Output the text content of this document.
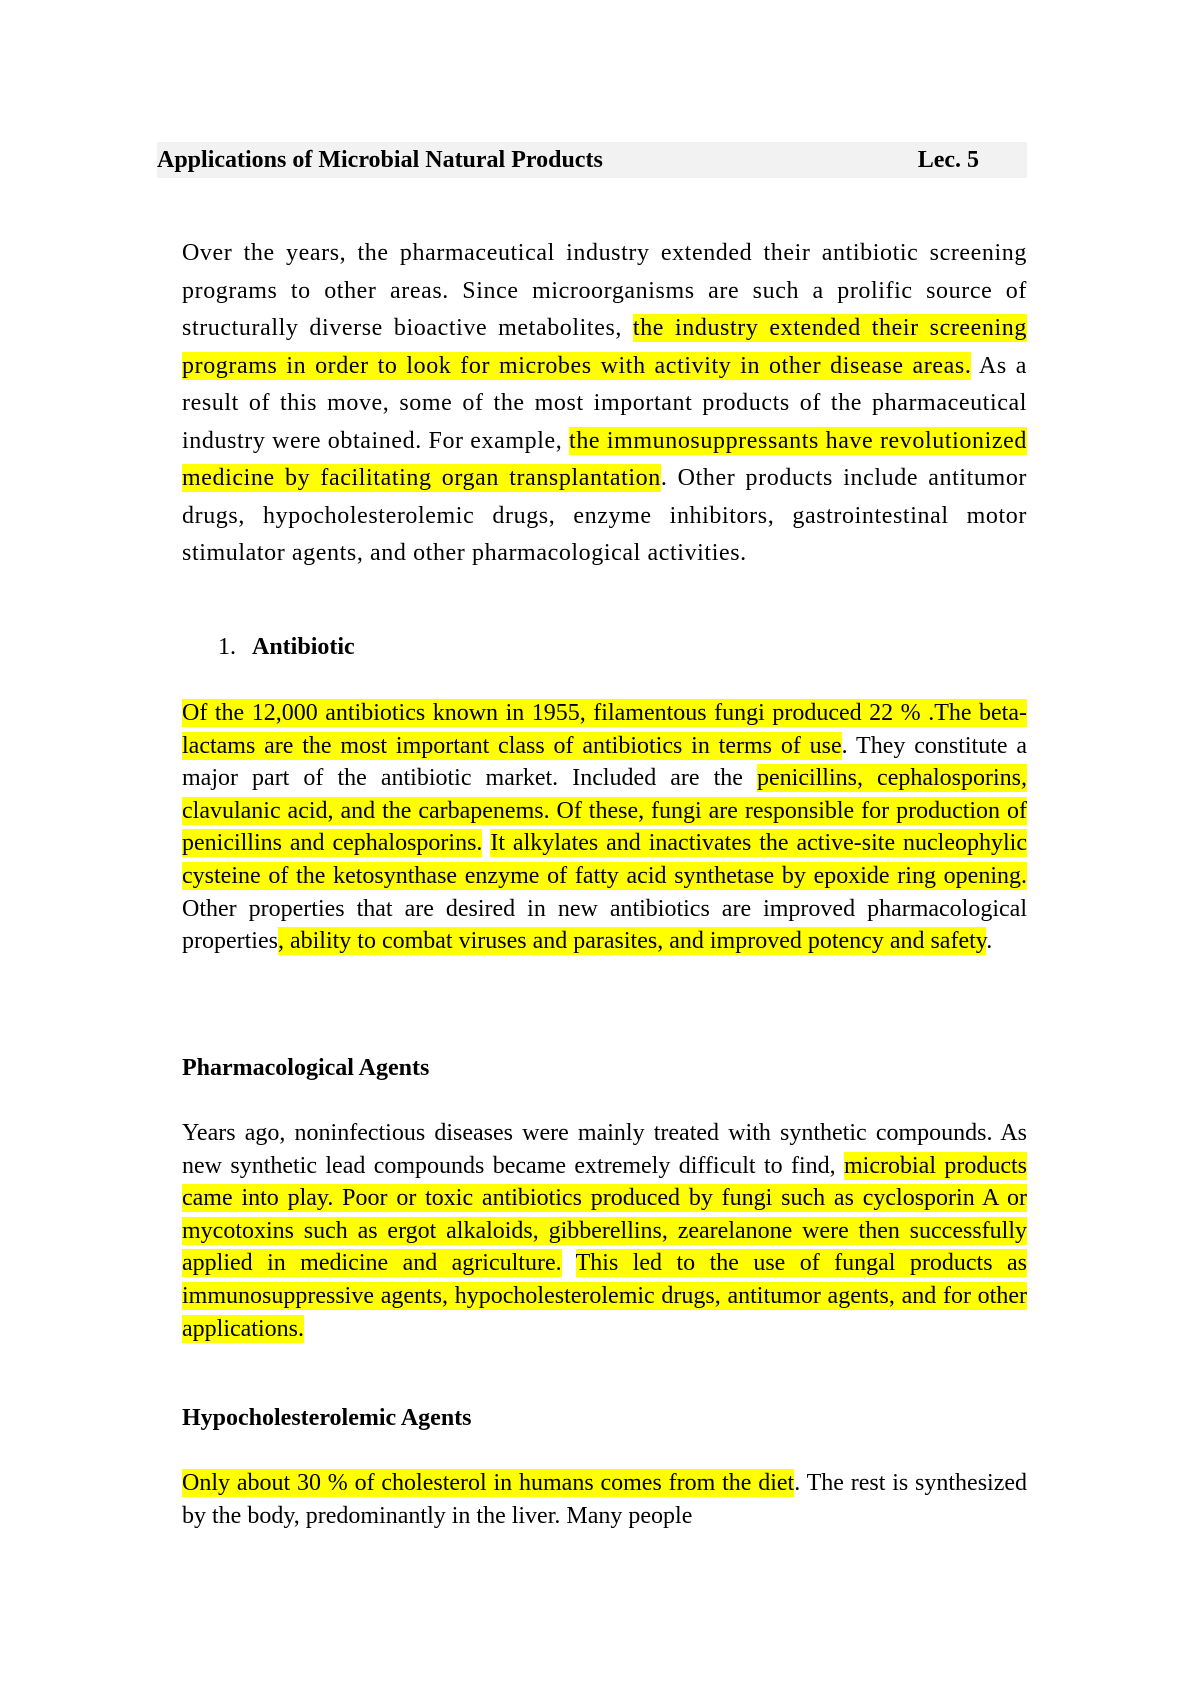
Applications of Microbial Natural Products	Lec. 5

Over the years, the pharmaceutical industry extended their antibiotic screening programs to other areas. Since microorganisms are such a prolific source of structurally diverse bioactive metabolites, the industry extended their screening programs in order to look for microbes with activity in other disease areas. As a result of this move, some of the most important products of the pharmaceutical industry were obtained. For example, the immunosuppressants have revolutionized medicine by facilitating organ transplantation. Other products include antitumor drugs, hypocholesterolemic drugs, enzyme inhibitors, gastrointestinal motor stimulator agents, and other pharmacological activities.

1. Antibiotic

Of the 12,000 antibiotics known in 1955, filamentous fungi produced 22 % .The beta-lactams are the most important class of antibiotics in terms of use. They constitute a major part of the antibiotic market. Included are the penicillins, cephalosporins, clavulanic acid, and the carbapenems. Of these, fungi are responsible for production of penicillins and cephalosporins. It alkylates and inactivates the active-site nucleophylic cysteine of the ketosynthase enzyme of fatty acid synthetase by epoxide ring opening. Other properties that are desired in new antibiotics are improved pharmacological properties, ability to combat viruses and parasites, and improved potency and safety.

Pharmacological Agents

Years ago, noninfectious diseases were mainly treated with synthetic compounds. As new synthetic lead compounds became extremely difficult to find, microbial products came into play. Poor or toxic antibiotics produced by fungi such as cyclosporin A or mycotoxins such as ergot alkaloids, gibberellins, zearelanone were then successfully applied in medicine and agriculture. This led to the use of fungal products as immunosuppressive agents, hypocholesterolemic drugs, antitumor agents, and for other applications.

Hypocholesterolemic Agents

Only about 30 % of cholesterol in humans comes from the diet. The rest is synthesized by the body, predominantly in the liver. Many people
